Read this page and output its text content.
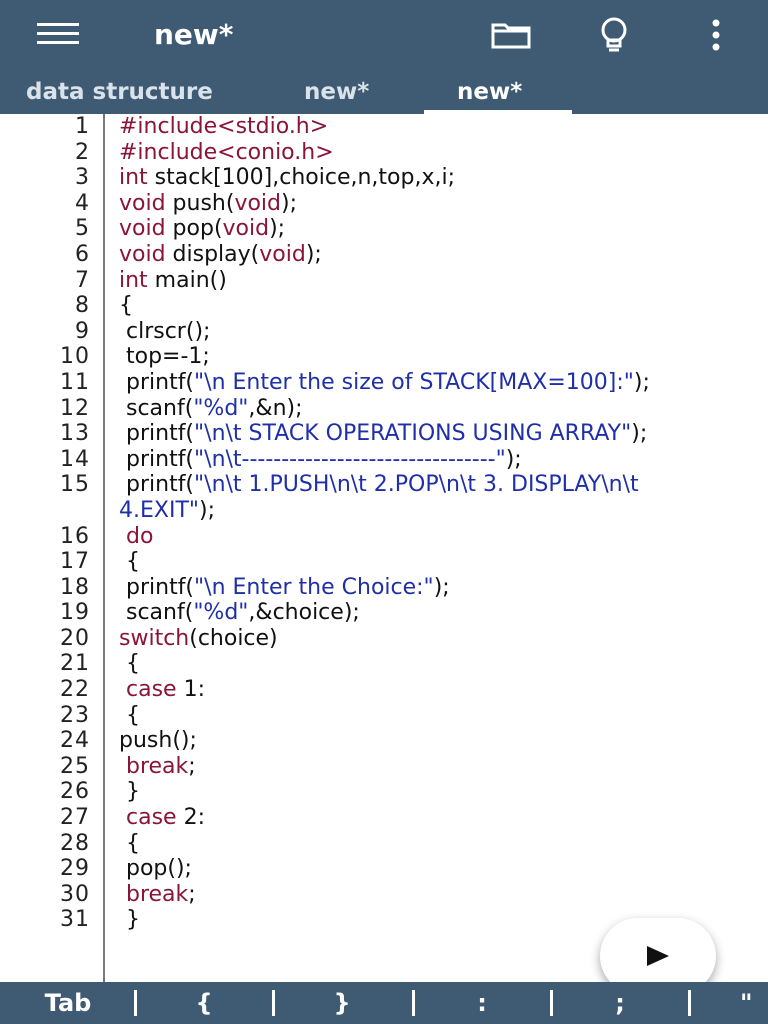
new*
data structure	new*	new*
1 #include<stdio.h>
2 #include<conio.h>
3 int stack[100],choice,n,top,x,i;
4 void push(void);
5 void pop(void);
6 void display(void);
7 int main()
8 {
9 clrscr();
10 top=-1;
11 printf("\n Enter the size of STACK[MAX=100]:");
12 scanf("%d",&n);
13 printf("\n\t STACK OPERATIONS USING ARRAY");
14 printf("\n\t--------------------------------");
15 printf("\n\t 1.PUSH\n\t 2.POP\n\t 3. DISPLAY\n\t 4.EXIT");
16	do
17 {
18 printf("\n Enter the Choice:");
19 scanf("%d",&choice);
20 switch(choice)
21 {
22	case 1:
23 {
24 push();
25	break;
26 }
27	case 2:
28 {
29 pop();
30	break;
31 }
Tab	{	}	:	;	"
